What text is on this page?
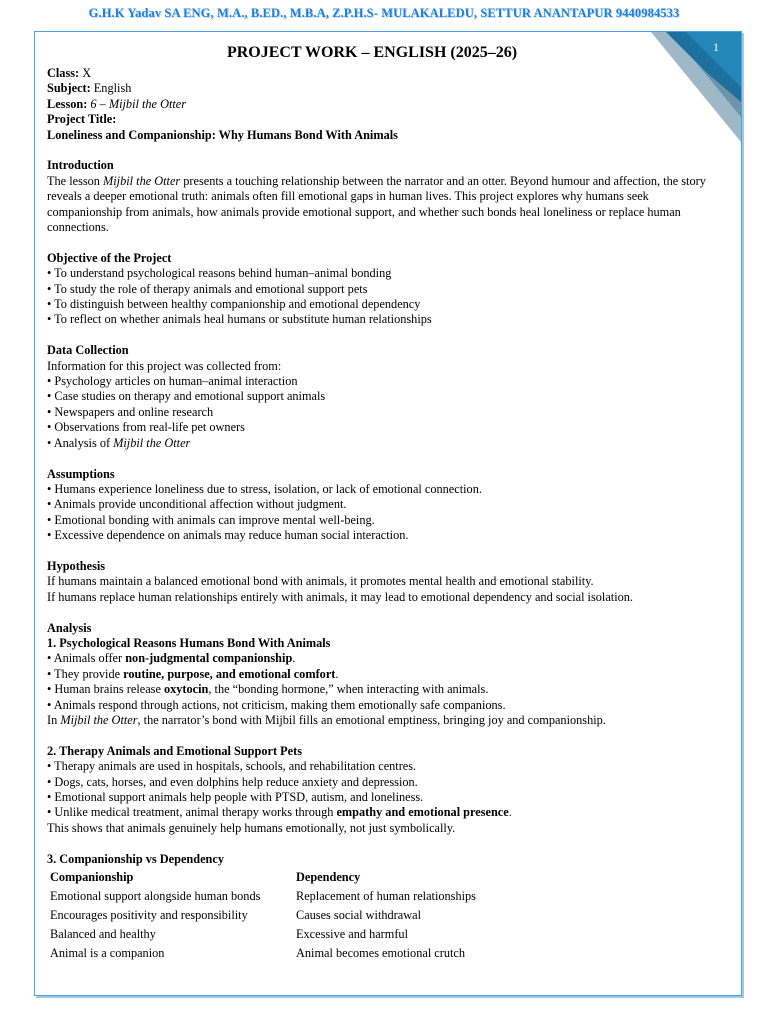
G.H.K Yadav SA ENG, M.A., B.ED., M.B.A, Z.P.H.S- MULAKALEDU, SETTUR ANANTAPUR 9440984533
1
PROJECT WORK – ENGLISH (2025–26)
Class: X
Subject: English
Lesson: 6 – Mijbil the Otter
Project Title:
Loneliness and Companionship: Why Humans Bond With Animals
Introduction

The lesson Mijbil the Otter presents a touching relationship between the narrator and an otter. Beyond humour and affection, the story reveals a deeper emotional truth: animals often fill emotional gaps in human lives. This project explores why humans seek companionship from animals, how animals provide emotional support, and whether such bonds heal loneliness or replace human connections.

Objective of the Project
• To understand psychological reasons behind human–animal bonding
• To study the role of therapy animals and emotional support pets
• To distinguish between healthy companionship and emotional dependency
• To reflect on whether animals heal humans or substitute human relationships
Data Collection
Information for this project was collected from:
• Psychology articles on human–animal interaction
• Case studies on therapy and emotional support animals
• Newspapers and online research
• Observations from real-life pet owners
• Analysis of Mijbil the Otter
Assumptions
• Humans experience loneliness due to stress, isolation, or lack of emotional connection.
• Animals provide unconditional affection without judgment.
• Emotional bonding with animals can improve mental well-being.
• Excessive dependence on animals may reduce human social interaction.
Hypothesis

If humans maintain a balanced emotional bond with animals, it promotes mental health and emotional stability.

If humans replace human relationships entirely with animals, it may lead to emotional dependency and social isolation.

Analysis
1. Psychological Reasons Humans Bond With Animals
• Animals offer non-judgmental companionship.
• They provide routine, purpose, and emotional comfort.
• Human brains release oxytocin, the “bonding hormone,” when interacting with animals.
• Animals respond through actions, not criticism, making them emotionally safe companions.
In Mijbil the Otter, the narrator’s bond with Mijbil fills an emotional emptiness, bringing joy and companionship.
2. Therapy Animals and Emotional Support Pets
• Therapy animals are used in hospitals, schools, and rehabilitation centres.
• Dogs, cats, horses, and even dolphins help reduce anxiety and depression.
• Emotional support animals help people with PTSD, autism, and loneliness.
• Unlike medical treatment, animal therapy works through empathy and emotional presence.
This shows that animals genuinely help humans emotionally, not just symbolically.
3. Companionship vs Dependency
Companionship	Dependency
Emotional support alongside human bonds	Replacement of human relationships
Encourages positivity and responsibility	Causes social withdrawal
Balanced and healthy	Excessive and harmful
Animal is a companion	Animal becomes emotional crutch
